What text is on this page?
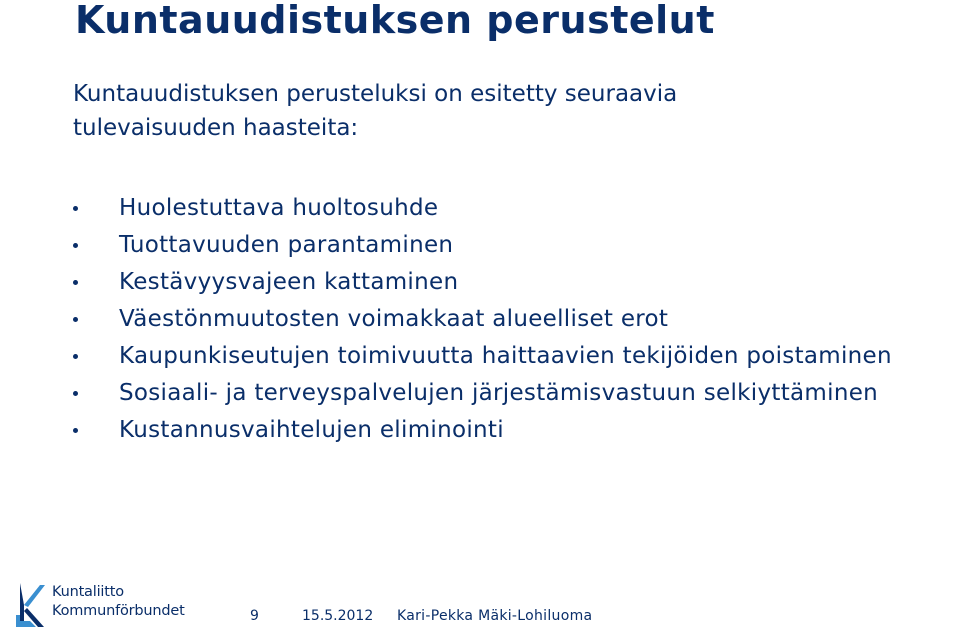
Kuntauudistuksen perustelut

Kuntauudistuksen perusteluksi on esitetty seuraavia tulevaisuuden haasteita:

Huolestuttava huoltosuhde
Tuottavuuden parantaminen
Kestävyysvajeen kattaminen
Väestönmuutosten voimakkaat alueelliset erot
Kaupunkiseutujen toimivuutta haittaavien tekijöiden poistaminen
Sosiaali- ja terveyspalvelujen järjestämisvastuun selkiyttäminen
Kustannusvaihtelujen eliminointi
Kuntaliitto
Kommunförbundet	9	15.5.2012 Kari-Pekka Mäki-Lohiluoma
